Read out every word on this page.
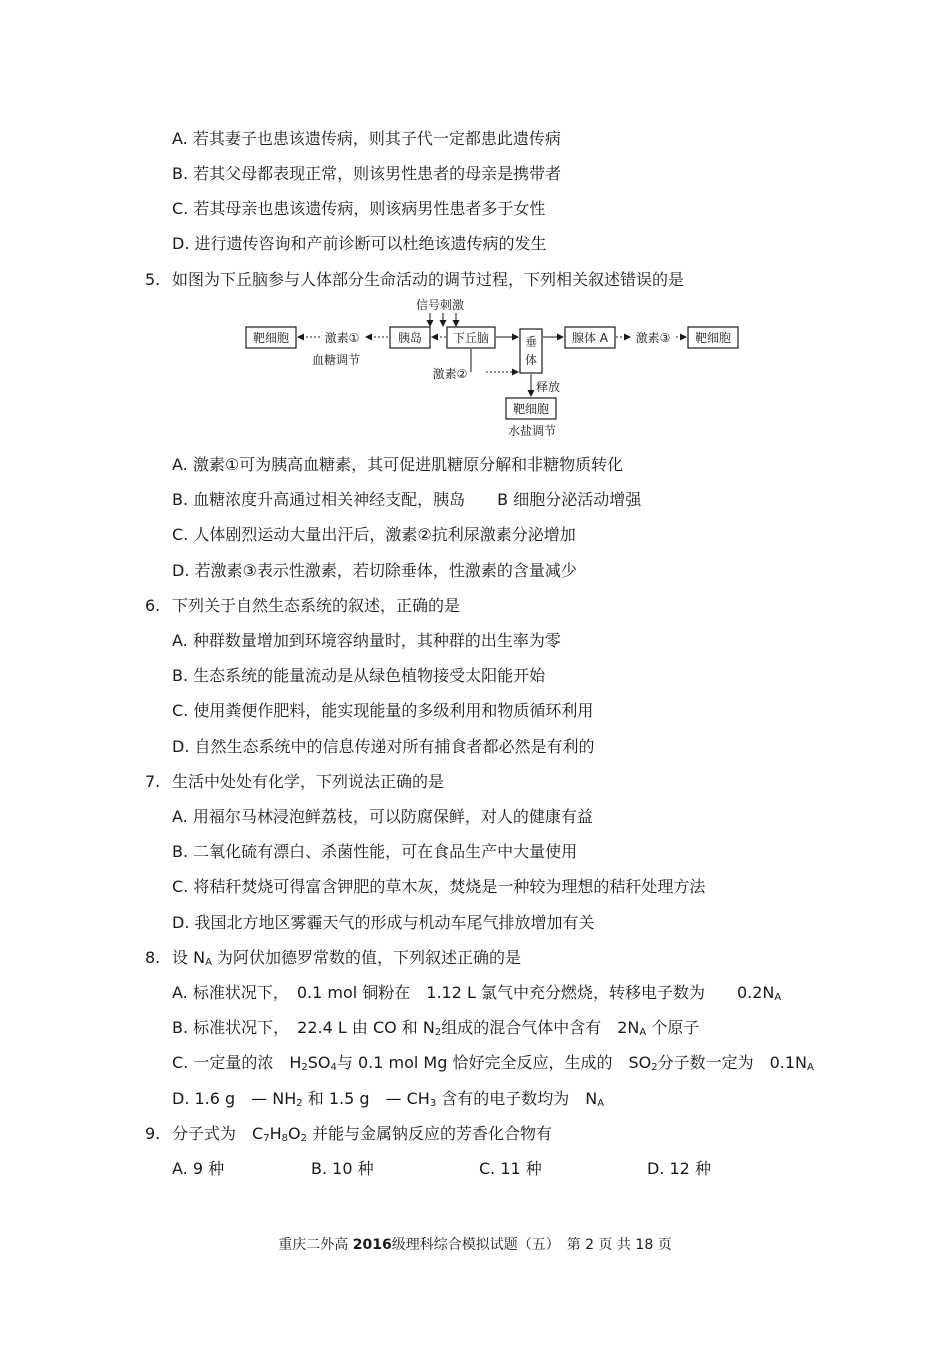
A. 若其妻子也患该遗传病，则其子代一定都患此遗传病
B. 若其父母都表现正常，则该男性患者的母亲是携带者
C. 若其母亲也患该遗传病，则该病男性患者多于女性
D. 进行遗传咨询和产前诊断可以杜绝该遗传病的发生
5. 如图为下丘脑参与人体部分生命活动的调节过程，下列相关叙述错误的是
信号刺激
靶细胞	激素①
血糖调节
胰岛	下丘脑
激素②
垂
体
腺体 A 激素③ 靶细胞
释放
靶细胞
水盐调节
A. 激素①可为胰高血糖素，其可促进肌糖原分解和非糖物质转化
B. 血糖浓度升高通过相关神经支配，胰岛　　B 细胞分泌活动增强
C. 人体剧烈运动大量出汗后，激素②抗利尿激素分泌增加
D. 若激素③表示性激素，若切除垂体，性激素的含量减少
6. 下列关于自然生态系统的叙述，正确的是
A. 种群数量增加到环境容纳量时，其种群的出生率为零
B. 生态系统的能量流动是从绿色植物接受太阳能开始
C. 使用粪便作肥料，能实现能量的多级利用和物质循环利用
D. 自然生态系统中的信息传递对所有捕食者都必然是有利的
7. 生活中处处有化学，下列说法正确的是
A. 用福尔马林浸泡鲜荔枝，可以防腐保鲜，对人的健康有益
B. 二氧化硫有漂白、杀菌性能，可在食品生产中大量使用
C. 将秸秆焚烧可得富含钾肥的草木灰，焚烧是一种较为理想的秸秆处理方法
D. 我国北方地区雾霾天气的形成与机动车尾气排放增加有关
8. 设 $N_A$ 为阿伏加德罗常数的值，下列叙述正确的是
A. 标准状况下，　0.1 mol 铜粉在　1.12 L 氯气中充分燃烧，转移电子数为　　$0.2N_A$
B. 标准状况下，　22.4 L 由 CO 和 $N_2$组成的混合气体中含有　$2N_A$ 个原子
C. 一定量的浓　$H_2SO_4$与 0.1 mol Mg 恰好完全反应，生成的　$SO_2$分子数一定为　$0.1N_A$
D. 1.6 g　— $NH_2$ 和 1.5 g　— $CH_3$ 含有的电子数均为　$N_A$
9. 分子式为　$C_7H_8O_2$ 并能与金属钠反应的芳香化合物有
A. 9 种	B. 10 种	C. 11 种	D. 12 种
重庆二外高 2016级理科综合模拟试题（五）　第 2 页 共 18 页
